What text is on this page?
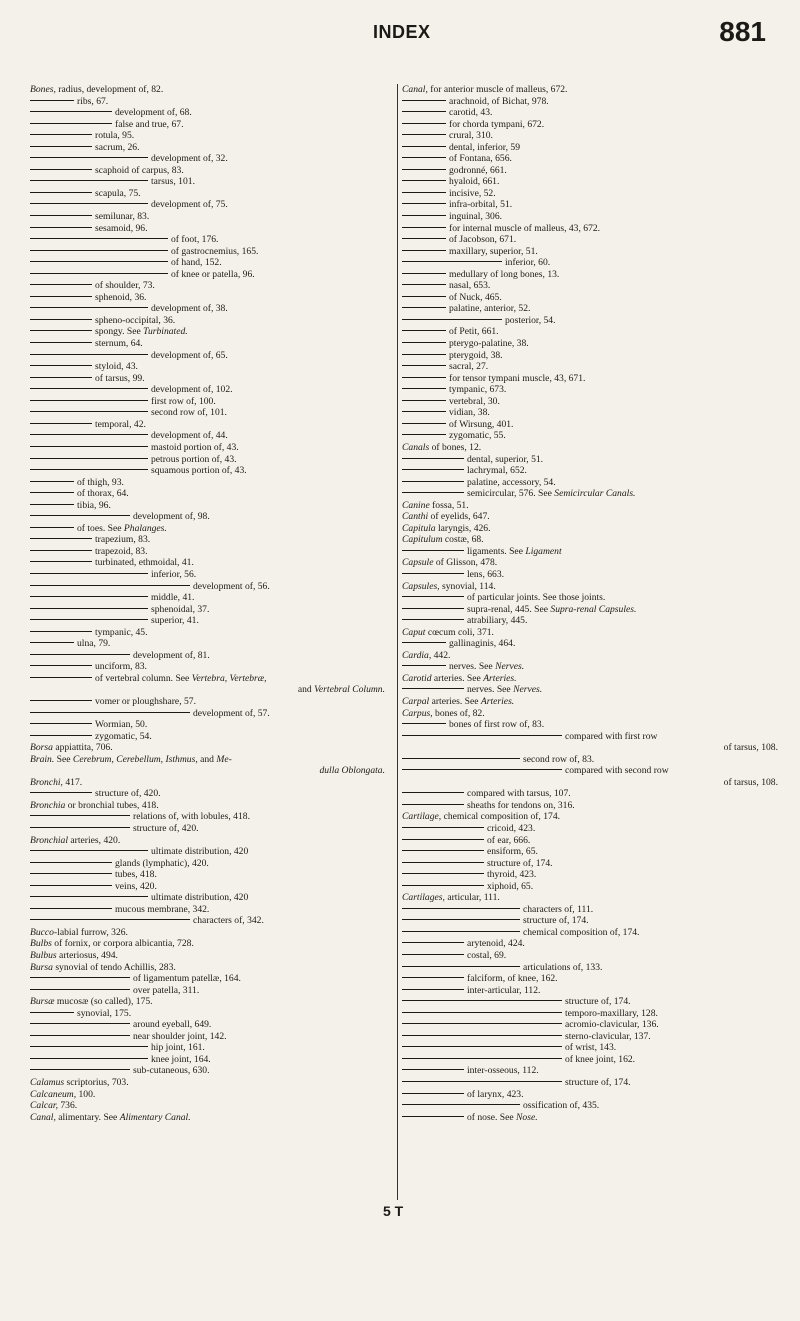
INDEX	881
Bones, radius, development of, 82.
ribs, 67.
development of, 68.
false and true, 67.
rotula, 95.
sacrum, 26.
development of, 32.
scaphoid of carpus, 83.
tarsus, 101.
scapula, 75.
development of, 75.
semilunar, 83.
sesamoid, 96.
of foot, 176.
of gastrocnemius, 165.
of hand, 152.
of knee or patella, 96.
of shoulder, 73.
sphenoid, 36.
development of, 38.
spheno-occipital, 36.
spongy. See Turbinated.
sternum, 64.
development of, 65.
styloid, 43.
of tarsus, 99.
development of, 102.
first row of, 100.
second row of, 101.
temporal, 42.
development of, 44.
mastoid portion of, 43.
petrous portion of, 43.
squamous portion of, 43.
of thigh, 93.
of thorax, 64.
tibia, 96.
development of, 98.
of toes. See Phalanges.
trapezium, 83.
trapezoid, 83.
turbinated, ethmoidal, 41.
inferior, 56.
development of, 56.
middle, 41.
sphenoidal, 37.
superior, 41.
tympanic, 45.
ulna, 79.
development of, 81.
unciform, 83.
of vertebral column. See Vertebra, Vertebræ,
and Vertebral Column.
vomer or ploughshare, 57.
development of, 57.
Wormian, 50.
zygomatic, 54.
Borsa appiattita, 706.
Brain. See Cerebrum, Cerebellum, Isthmus, and Me-
dulla Oblongata.
Bronchi, 417.
structure of, 420.
Bronchia or bronchial tubes, 418.
relations of, with lobules, 418.
structure of, 420.
Bronchial arteries, 420.
ultimate distribution, 420
glands (lymphatic), 420.
tubes, 418.
veins, 420.
ultimate distribution, 420
mucous membrane, 342.
characters of, 342.
Bucco-labial furrow, 326.
Bulbs of fornix, or corpora albicantia, 728.
Bulbus arteriosus, 494.
Bursa synovial of tendo Achillis, 283.
of ligamentum patellæ, 164.
over patella, 311.
Bursæ mucosæ (so called), 175.
synovial, 175.
around eyeball, 649.
near shoulder joint, 142.
hip joint, 161.
knee joint, 164.
sub-cutaneous, 630.
Calamus scriptorius, 703.
Calcaneum, 100.
Calcar, 736.
Canal, alimentary. See Alimentary Canal.
Canal, for anterior muscle of malleus, 672.
arachnoid, of Bichat, 978.
carotid, 43.
for chorda tympani, 672.
crural, 310.
dental, inferior, 59
of Fontana, 656.
godronné, 661.
hyaloid, 661.
incisive, 52.
infra-orbital, 51.
inguinal, 306.
for internal muscle of malleus, 43, 672.
of Jacobson, 671.
maxillary, superior, 51.
inferior, 60.
medullary of long bones, 13.
nasal, 653.
of Nuck, 465.
palatine, anterior, 52.
posterior, 54.
of Petit, 661.
pterygo-palatine, 38.
pterygoid, 38.
sacral, 27.
for tensor tympani muscle, 43, 671.
tympanic, 673.
vertebral, 30.
vidian, 38.
of Wirsung, 401.
zygomatic, 55.
Canals of bones, 12.
dental, superior, 51.
lachrymal, 652.
palatine, accessory, 54.
semicircular, 576. See Semicircular Canals.
Canine fossa, 51.
Canthi of eyelids, 647.
Capitula laryngis, 426.
Capitulum costæ, 68.
ligaments. See Ligament
Capsule of Glisson, 478.
lens, 663.
Capsules, synovial, 114.
of particular joints. See those joints.
supra-renal, 445. See Supra-renal Capsules.
atrabiliary, 445.
Caput cœcum coli, 371.
gallinaginis, 464.
Cardia, 442.
nerves. See Nerves.
Carotid arteries. See Arteries.
nerves. See Nerves.
Carpal arteries. See Arteries.
Carpus, bones of, 82.
bones of first row of, 83.
compared with first row
of tarsus, 108.
second row of, 83.
compared with second row
of tarsus, 108.
compared with tarsus, 107.
sheaths for tendons on, 316.
Cartilage, chemical composition of, 174.
cricoid, 423.
of ear, 666.
ensiform, 65.
structure of, 174.
thyroid, 423.
xiphoid, 65.
Cartilages, articular, 111.
characters of, 111.
structure of, 174.
chemical composition of, 174.
arytenoid, 424.
costal, 69.
articulations of, 133.
falciform, of knee, 162.
inter-articular, 112.
structure of, 174.
temporo-maxillary, 128.
acromio-clavicular, 136.
sterno-clavicular, 137.
of wrist, 143.
of knee joint, 162.
inter-osseous, 112.
structure of, 174.
of larynx, 423.
ossification of, 435.
of nose. See Nose.
5 T
